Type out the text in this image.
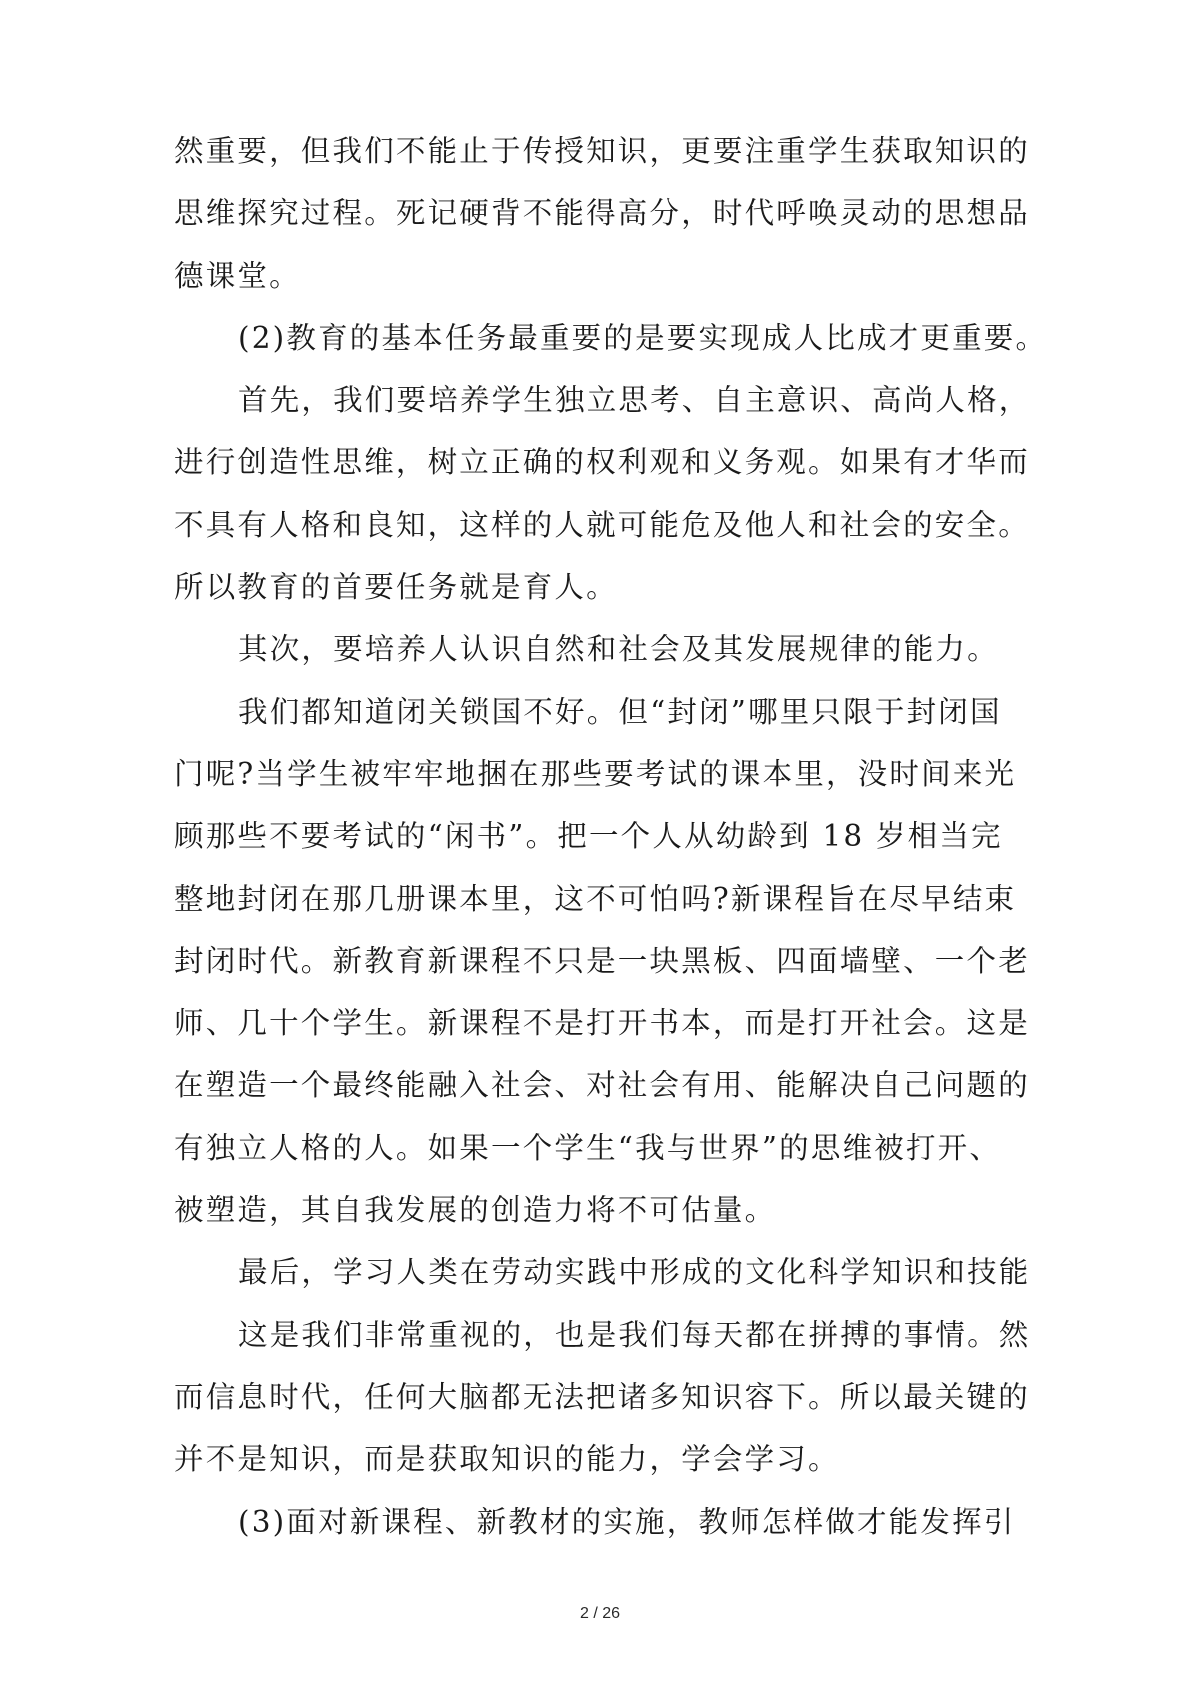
然重要，但我们不能止于传授知识，更要注重学生获取知识的
思维探究过程。死记硬背不能得高分，时代呼唤灵动的思想品
德课堂。
(2)教育的基本任务最重要的是要实现成人比成才更重要。
首先，我们要培养学生独立思考、自主意识、高尚人格，
进行创造性思维，树立正确的权利观和义务观。如果有才华而
不具有人格和良知，这样的人就可能危及他人和社会的安全。
所以教育的首要任务就是育人。
其次，要培养人认识自然和社会及其发展规律的能力。
我们都知道闭关锁国不好。但“封闭”哪里只限于封闭国
门呢?当学生被牢牢地捆在那些要考试的课本里，没时间来光
顾那些不要考试的“闲书”。把一个人从幼龄到 18 岁相当完
整地封闭在那几册课本里，这不可怕吗?新课程旨在尽早结束
封闭时代。新教育新课程不只是一块黑板、四面墙壁、一个老
师、几十个学生。新课程不是打开书本，而是打开社会。这是
在塑造一个最终能融入社会、对社会有用、能解决自己问题的
有独立人格的人。如果一个学生“我与世界”的思维被打开、
被塑造，其自我发展的创造力将不可估量。
最后，学习人类在劳动实践中形成的文化科学知识和技能
这是我们非常重视的，也是我们每天都在拼搏的事情。然
而信息时代，任何大脑都无法把诸多知识容下。所以最关键的
并不是知识，而是获取知识的能力，学会学习。
(3)面对新课程、新教材的实施，教师怎样做才能发挥引
2 / 26
